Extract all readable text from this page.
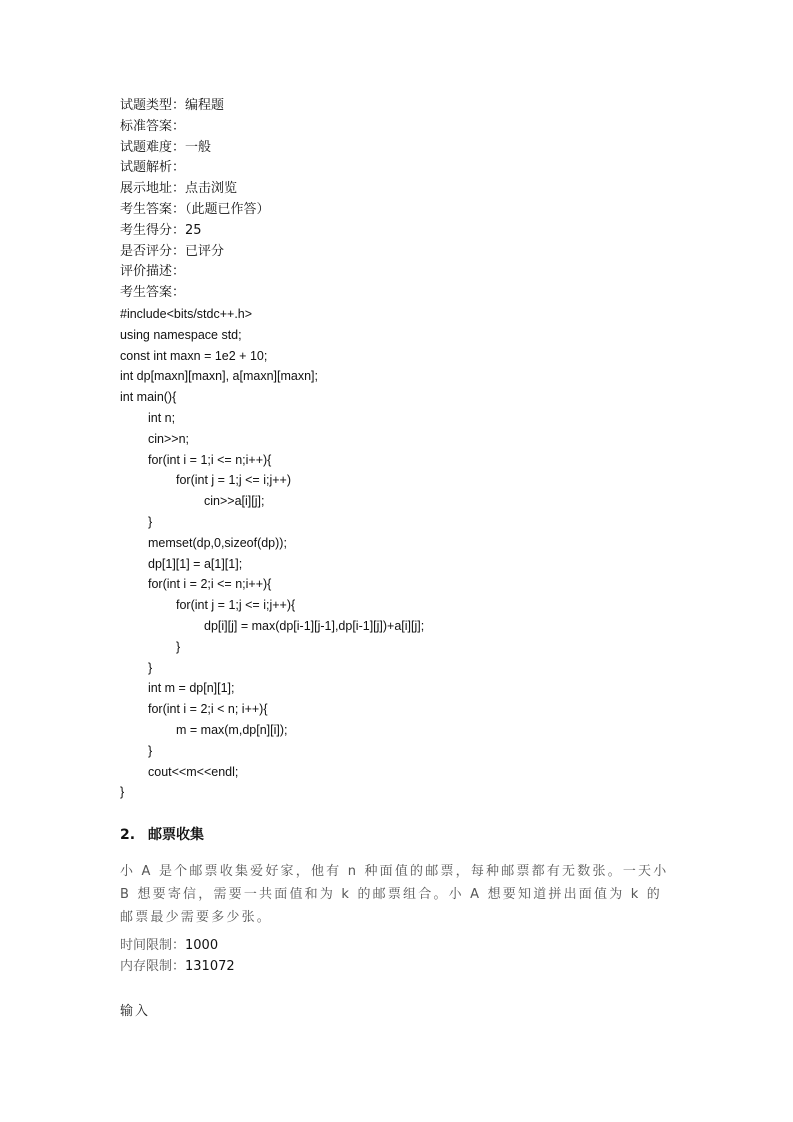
试题类型：编程题
标准答案：
试题难度：一般
试题解析：
展示地址：点击浏览
考生答案：（此题已作答）
考生得分：25
是否评分：已评分
评价描述：
考生答案：
#include<bits/stdc++.h>
using namespace std;
const int maxn = 1e2 + 10;
int dp[maxn][maxn], a[maxn][maxn];
int main(){
int n;
cin>>n;
for(int i = 1;i <= n;i++){
for(int j = 1;j <= i;j++)
cin>>a[i][j];
}
memset(dp,0,sizeof(dp));
dp[1][1] = a[1][1];
for(int i = 2;i <= n;i++){
for(int j = 1;j <= i;j++){
dp[i][j] = max(dp[i-1][j-1],dp[i-1][j])+a[i][j];
}
}
int m = dp[n][1];
for(int i = 2;i < n; i++){
m = max(m,dp[n][i]);
}
cout<<m<<endl;
}
2. 邮票收集
小 A 是个邮票收集爱好家，他有 n 种面值的邮票，每种邮票都有无数张。一天小 B 想要寄信，需要一共面值和为 k 的邮票组合。小 A 想要知道拼出面值为 k 的邮票最少需要多少张。
时间限制：1000
内存限制：131072
输入
